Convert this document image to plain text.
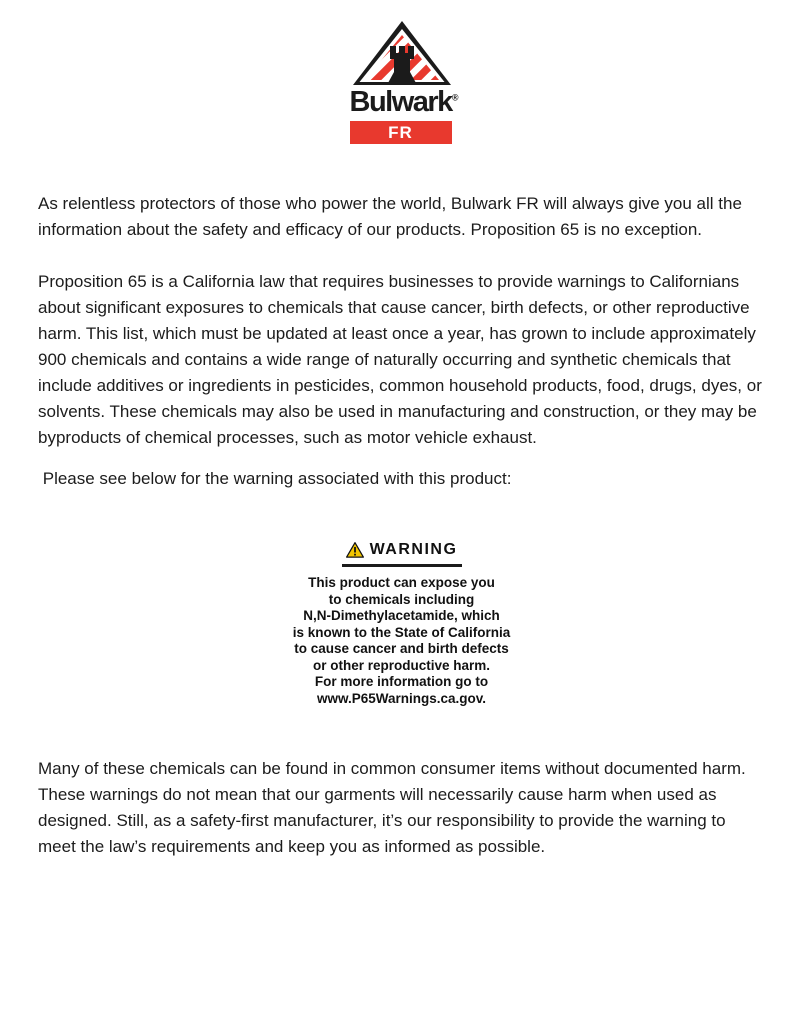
Bulwark®
FR
As relentless protectors of those who power the world, Bulwark FR will always give you all the information about the safety and efficacy of our products. Proposition 65 is no exception.
Proposition 65 is a California law that requires businesses to provide warnings to Californians about significant exposures to chemicals that cause cancer, birth defects, or other reproductive harm. This list, which must be updated at least once a year, has grown to include approximately 900 chemicals and contains a wide range of naturally occurring and synthetic chemicals that include additives or ingredients in pesticides, common household products, food, drugs, dyes, or solvents. These chemicals may also be used in manufacturing and construction, or they may be byproducts of chemical processes, such as motor vehicle exhaust.
Please see below for the warning associated with this product:
WARNING
This product can expose you
to chemicals including
N,N-Dimethylacetamide, which
is known to the State of California
to cause cancer and birth defects
or other reproductive harm.
For more information go to
www.P65Warnings.ca.gov.
Many of these chemicals can be found in common consumer items without documented harm. These warnings do not mean that our garments will necessarily cause harm when used as designed. Still, as a safety-first manufacturer, it’s our responsibility to provide the warning to meet the law’s requirements and keep you as informed as possible.
